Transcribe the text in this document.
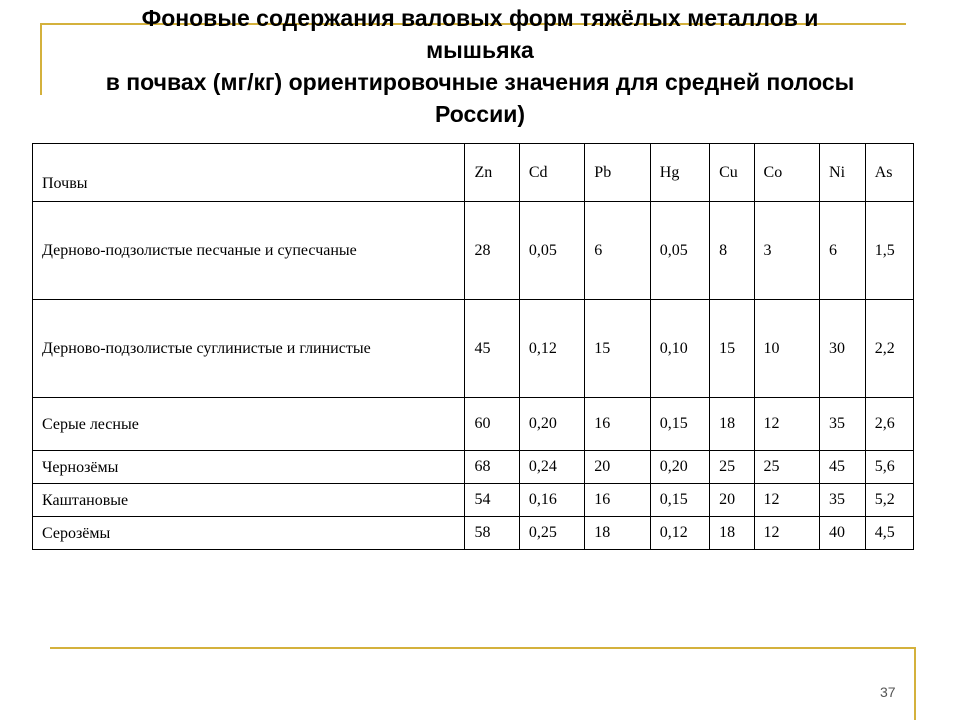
Фоновые содержания валовых форм тяжёлых металлов и
мышьяка
в почвах (мг/кг) ориентировочные значения для средней полосы
России)
Почвы	Zn	Cd	Pb	Hg	Cu	Co	Ni	As
Дерново-подзолистые песчаные и супесчаные	28	0,05	6	0,05	8	3	6	1,5
Дерново-подзолистые суглинистые и глинистые	45	0,12	15	0,10	15	10	30	2,2
Серые лесные	60	0,20	16	0,15	18	12	35	2,6
Чернозёмы	68	0,24	20	0,20	25	25	45	5,6
Каштановые	54	0,16	16	0,15	20	12	35	5,2
Серозёмы	58	0,25	18	0,12	18	12	40	4,5
37
